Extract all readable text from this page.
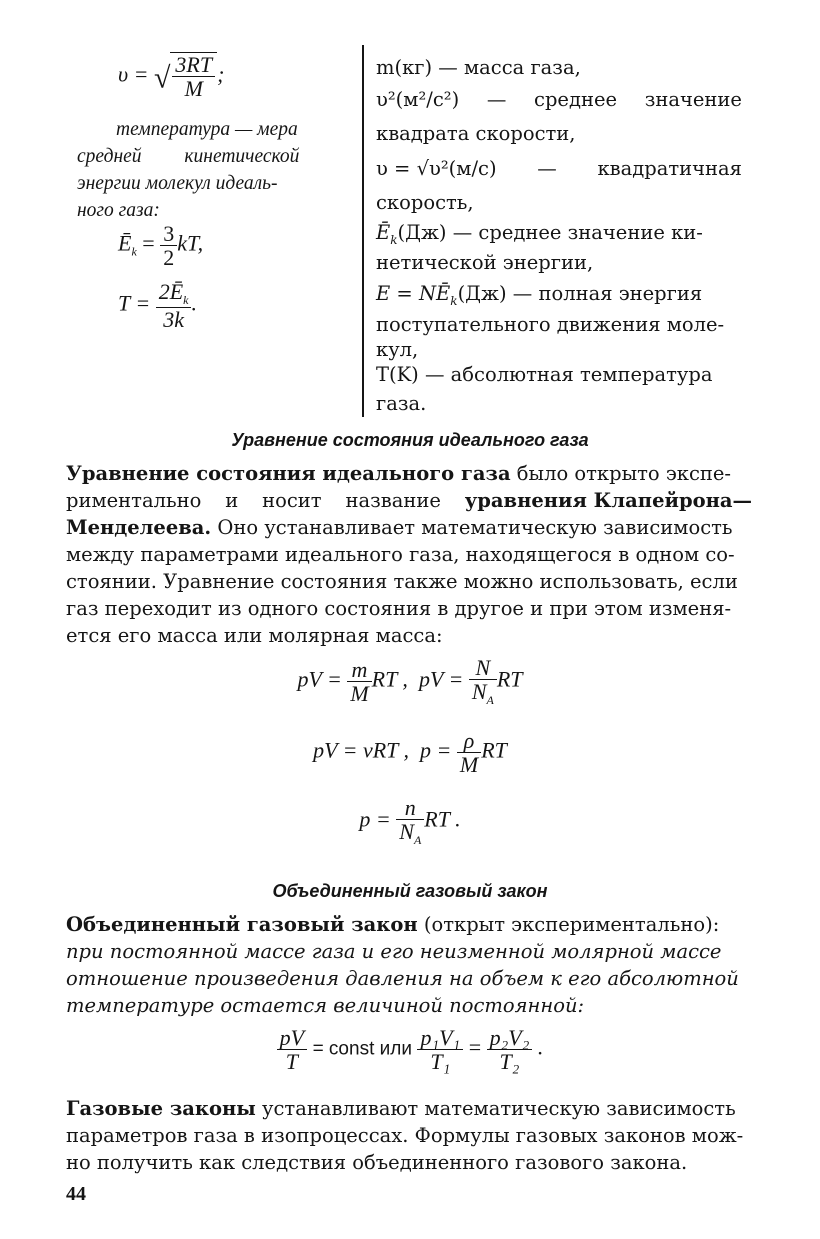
υ = √ $\frac{3RT}{M}$ ;
температура — мера
средней кинетической
энергии молекул идеаль-
ного газа:
$Ē_k = \frac{3}{2}$ kT,
$T = \frac{2Ē_k}{3k}$ .
m(кг) — масса газа,
υ²(м²/с²) — среднее значение
квадрата скорости,
υ = √υ²(м/с) — квадратичная
скорость,
$Ē_k(Дж)$ — среднее значение ки-
нетической энергии,
$E = NĒ_k(Дж)$ — полная энергия
поступательного движения моле-
кул,
T(K) — абсолютная температура
газа.
Уравнение состояния идеального газа
Уравнение состояния идеального газа было открыто экспе-
риментально и носит название уравнения Клапейрона—
Менделеева. Оно устанавливает математическую зависимость
между параметрами идеального газа, находящегося в одном со-
стоянии. Уравнение состояния также можно использовать, если
газ переходит из одного состояния в другое и при этом изменя-
ется его масса или молярная масса:
pV = $\frac{m}{M}$ RT , pV = $\frac{N}{N_A}$ RT
pV = νRT , $p = \frac{\rho}{M}$ RT
$p = \frac{n}{N_A}$ RT .
Объединенный газовый закон
Объединенный газовый закон (открыт экспериментально):
при постоянной массе газа и его неизменной молярной массе
отношение произведения давления на объем к его абсолютной
температуре остается величиной постоянной:
$\frac{pV}{T}$ = const или $\frac{\text{p₁V₁}}{\text{T₁}} = \frac{\text{p₂V₂}}{\text{T₂}}$ .
Газовые законы устанавливают математическую зависимость
параметров газа в изопроцессах. Формулы газовых законов мож-
но получить как следствия объединенного газового закона.
44
